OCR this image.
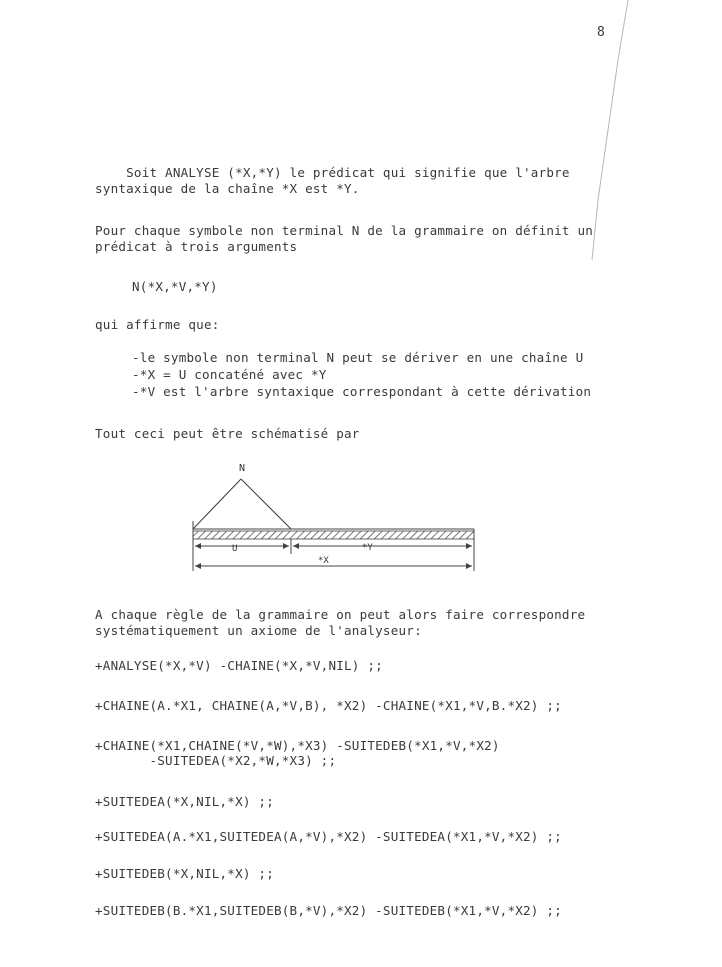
8
Soit ANALYSE (*X,*Y) le prédicat qui signifie que l'arbre
syntaxique de la chaîne *X est *Y.
Pour chaque symbole non terminal N de la grammaire on définit un
prédicat à trois arguments
N(*X,*V,*Y)
qui affirme que:
-le symbole non terminal N peut se dériver en une chaîne U
-*X = U concaténé avec *Y
-*V est l'arbre syntaxique correspondant à cette dérivation
Tout ceci peut être schématisé par
N
U	*Y
*X
A chaque règle de la grammaire on peut alors faire correspondre
systématiquement un axiome de l'analyseur:
+ANALYSE(*X,*V) -CHAINE(*X,*V,NIL) ;;
+CHAINE(A.*X1, CHAINE(A,*V,B), *X2) -CHAINE(*X1,*V,B.*X2) ;;
+CHAINE(*X1,CHAINE(*V,*W),*X3) -SUITEDEB(*X1,*V,*X2)
-SUITEDEA(*X2,*W,*X3) ;;
+SUITEDEA(*X,NIL,*X) ;;
+SUITEDEA(A.*X1,SUITEDEA(A,*V),*X2) -SUITEDEA(*X1,*V,*X2) ;;
+SUITEDEB(*X,NIL,*X) ;;
+SUITEDEB(B.*X1,SUITEDEB(B,*V),*X2) -SUITEDEB(*X1,*V,*X2) ;;
